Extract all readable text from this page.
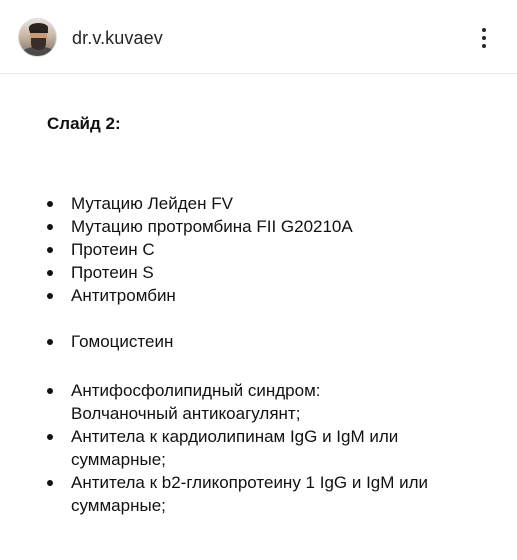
dr.v.kuvaev
Слайд 2:
Мутацию Лейден FV
Мутацию протромбина FII G20210A
Протеин C
Протеин S
Антитромбин
Гомоцистеин
Антифосфолипидный синдром:
Волчаночный антикоагулянт;
Антитела к кардиолипинам IgG и IgM или
суммарные;
Антитела к b2-гликопротеину 1 IgG и IgM или
суммарные;
